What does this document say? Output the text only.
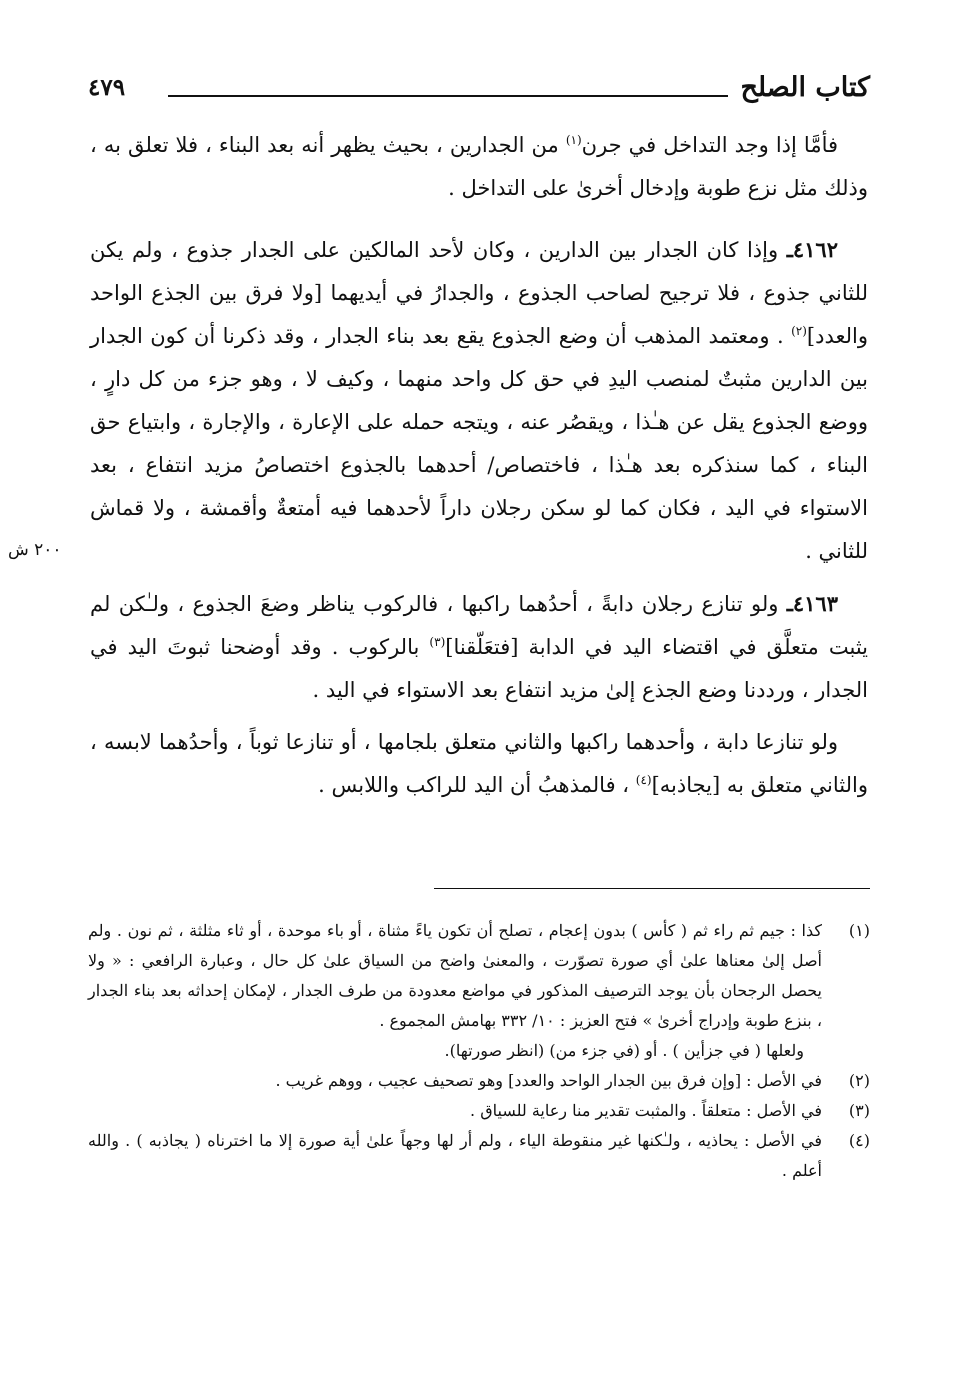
كتاب الصلح
٤٧٩

فأمَّا إذا وجد التداخل في جرن$^{(١)}$ من الجدارين ، بحيث يظهر أنه بعد البناء ، فلا تعلق به ، وذلك مثل نزع طوبة وإدخال أخرىٰ على التداخل .

٤١٦٢ـ وإذا كان الجدار بين الدارين ، وكان لأحد المالكين على الجدار جذوع ، ولم يكن للثاني جذوع ، فلا ترجيح لصاحب الجذوع ، والجدارُ في أيديهما [ولا فرق بين الجذع الواحد والعدد]$^{(٢)}$ . ومعتمد المذهب أن وضع الجذوع يقع بعد بناء الجدار ، وقد ذكرنا أن كون الجدار بين الدارين مثبتٌ لمنصب اليدِ في حق كل واحد منهما ، وكيف لا ، وهو جزء من كل دارٍ ، ووضع الجذوع يقل عن هـٰذا ، ويقصُر عنه ، ويتجه حمله على الإعارة ، والإجارة ، وابتياع حق البناء ، كما سنذكره بعد هـٰذا ، فاختصاص/ أحدهما بالجذوع اختصاصُ مزيد انتفاع ، بعد الاستواء في اليد ، فكان كما لو سكن رجلان داراً لأحدهما فيه أمتعةٌ وأقمشة ، ولا قماش للثاني .

٤١٦٣ـ ولو تنازع رجلان دابةً ، أحدُهما راكبها ، فالركوب يناظر وضعَ الجذوع ، ولـٰكن لم يثبت متعلَّق في اقتضاء اليد في الدابة [فتعَلّقنا]$^{(٣)}$ بالركوب . وقد أوضحنا ثبوتَ اليد في الجدار ، ورددنا وضع الجذع إلىٰ مزيد انتفاع بعد الاستواء في اليد .

ولو تنازعا دابة ، وأحدهما راكبها والثاني متعلق بلجامها ، أو تنازعا ثوباً ، وأحدُهما لابسه ، والثاني متعلق به [يجاذبه]$^{(٤)}$ ، فالمذهبُ أن اليد للراكب واللابس .

٢٠٠ ش
(١)
كذا : جيم ثم راء ثم ( كأس ) بدون إعجام ، تصلح أن تكون ياءً مثناة ، أو باء موحدة ، أو ثاء مثلثة ، ثم نون . ولم أصل إلىٰ معناها علىٰ أي صورة تصوّرت ، والمعنىٰ واضح من السياق علىٰ كل حال ، وعبارة الرافعي : « ولا يحصل الرجحان بأن يوجد الترصيف المذكور في مواضع معدودة من طرف الجدار ، لإمكان إحداثه بعد بناء الجدار ، بنزع طوبة وإدراج أخرىٰ » فتح العزيز : ١٠/ ٣٣٢ بهامش المجموع .

ولعلها ( في جزأين ) . أو (في جزء من) (انظر صورتها).

(٢)
في الأصل : [وإن فرق بين الجدار الواحد والعدد] وهو تصحيف عجيب ، ووهم غريب .
(٣)
في الأصل : متعلقاً . والمثبت تقدير منا رعاية للسياق .
(٤)
في الأصل : يحاذيه ، ولـٰكنها غير منقوطة الياء ، ولم أر لها وجهاً علىٰ أية صورة إلا ما اخترناه ( يجاذبه ) . والله أعلم .
